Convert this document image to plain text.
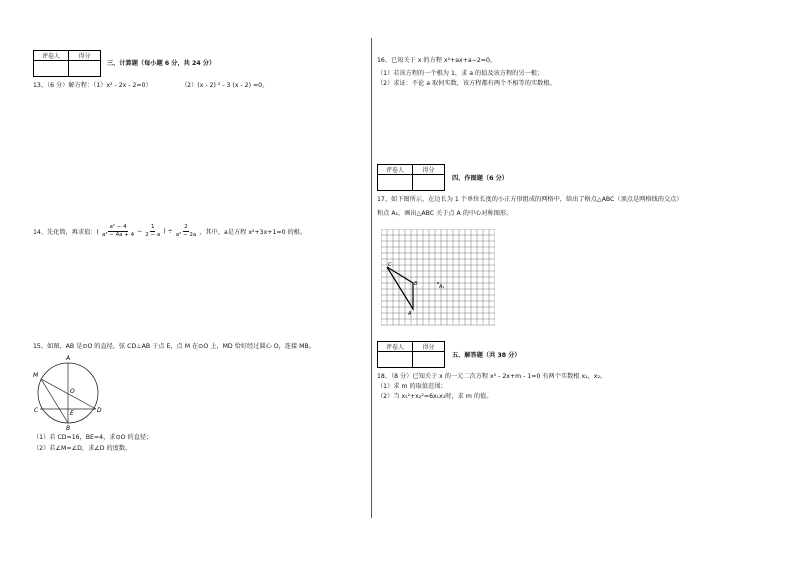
评卷人	得分

三、计算题（每小题 6 分，共 24 分）
13、（6 分）解方程：（1）x² - 2x - 2=0）	（2）(x - 2) ² - 3 (x - 2) =0。
14、先化简，再求值：( $\frac{\text{a² − 4}}{\text{a² − 4a + 4}} - \frac{1}{2 - a}$ ) ÷ $\frac{2}{\text{a² − 2a}}$ ，其中，a是方程 x²+3x+1=0 的根。
15、如图，AB 是⊙O 的直径，弦 CD⊥AB 于点 E，点 M 在⊙O 上，MD 恰好经过圆心 O，连接 MB。
A
M
O
C	E	D
B
（1）若 CD=16，BE=4，求⊙O 的直径；
（2）若∠M=∠D，求∠D 的度数。
16、已知关于 x 的方程 x²+ax+a−2=0。
（1）若该方程的一个根为 1，求 a 的值及该方程的另一根；
（2）求证：不论 a 取何实数，该方程都有两个不相等的实数根。
评卷人	得分

四、作图题（6 分）
17、如下图所示，在边长为 1 个单位长度的小正方形组成的网格中，给出了格点△ABC（顶点是网格线的交点）
和点 A₁，画出△ABC 关于点 A 的中心对称图形。
C
B
A
A₁
评卷人	得分

五、解答题（共 38 分）
18、（8 分）已知关于 x 的一元二次方程 x² - 2x+m - 1=0 有两个实数根 x₁，x₂。
（1）求 m 的取值范围；
（2）当 x₁²+x₂²=6x₁x₂时，求 m 的值。
